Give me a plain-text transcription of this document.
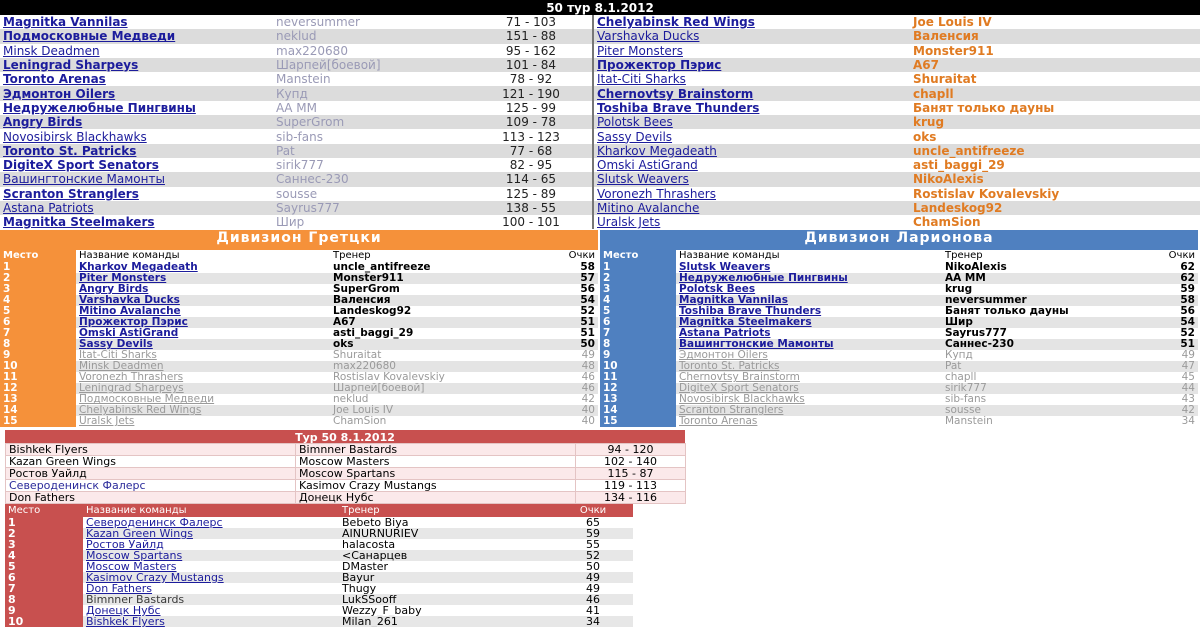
50 тур 8.1.2012				
Magnitka Vannilas	neversummer	71 - 103	Chelyabinsk Red Wings	Joe Louis IV
Подмосковные Медведи	neklud	151 - 88	Varshavka Ducks	Валенсия
Minsk Deadmen	max220680	95 - 162	Piter Monsters	Monster911
Leningrad Sharpeys	Шарпей[боевой]	101 - 84	Прожектор Пэрис	А67
Toronto Arenas	Manstein	78 - 92	Itat-Citi Sharks	Shuraitat
Эдмонтон Oilers	Купд	121 - 190	Chernovtsy Brainstorm	chapll
Недружелюбные Пингвины	АА ММ	125 - 99	Toshiba Brave Thunders	Банят только дауны
Angry Birds	SuperGrom	109 - 78	Polotsk Bees	krug
Novosibirsk Blackhawks	sib-fans	113 - 123	Sassy Devils	oks
Toronto St. Patricks	Pat	77 - 68	Kharkov Megadeath	uncle_antifreeze
DigiteX Sport Senators	sirik777	82 - 95	Omski AstiGrand	asti_baggi_29
Вашингтонские Мамонты	Саннес-230	114 - 65	Slutsk Weavers	NikoAlexis
Scranton Stranglers	sousse	125 - 89	Voronezh Thrashers	Rostislav Kovalevskiy
Astana Patriots	Sayrus777	138 - 55	Mitino Avalanche	Landeskog92
Magnitka Steelmakers	Шир	100 - 101	Uralsk Jets	ChamSion
Дивизион Гретцки
Место	Название команды	Тренер	Очки
1	Kharkov Megadeath	uncle_antifreeze	58
2	Piter Monsters	Monster911	57
3	Angry Birds	SuperGrom	56
4	Varshavka Ducks	Валенсия	54
5	Mitino Avalanche	Landeskog92	52
6	Прожектор Пэрис	А67	51
7	Omski AstiGrand	asti_baggi_29	51
8	Sassy Devils	oks	50
9	Itat-Citi Sharks	Shuraitat	49
10	Minsk Deadmen	max220680	48
11	Voronezh Thrashers	Rostislav Kovalevskiy	46
12	Leningrad Sharpeys	Шарпей[боевой]	46
13	Подмосковные Медведи	neklud	42
14	Chelyabinsk Red Wings	Joe Louis IV	40
15	Uralsk Jets	ChamSion	40
Дивизион Ларионова
Место	Название команды	Тренер	Очки
1	Slutsk Weavers	NikoAlexis	62
2	Недружелюбные Пингвины	АА ММ	62
3	Polotsk Bees	krug	59
4	Magnitka Vannilas	neversummer	58
5	Toshiba Brave Thunders	Банят только дауны	56
6	Magnitka Steelmakers	Шир	54
7	Astana Patriots	Sayrus777	52
8	Вашингтонские Мамонты	Саннес-230	51
9	Эдмонтон Oilers	Купд	49
10	Toronto St. Patricks	Pat	47
11	Chernovtsy Brainstorm	chapll	45
12	DigiteX Sport Senators	sirik777	44
13	Novosibirsk Blackhawks	sib-fans	43
14	Scranton Stranglers	sousse	42
15	Toronto Arenas	Manstein	34
Тур 50 8.1.2012
Bishkek Flyers	Bimnner Bastards	94 - 120
Kazan Green Wings	Moscow Masters	102 - 140
Ростов Уайлд	Moscow Spartans	115 - 87
Североденинск Фалерс	Kasimov Crazy Mustangs	119 - 113
Don Fathers	Донецк Нубс	134 - 116
Место	Название команды	Тренер	Очки
1	Североденинск Фалерс	Bebeto Biya	65
2	Kazan Green Wings	AINURNURIEV	59
3	Ростов Уайлд	halacosta	55
4	Moscow Spartans	<Санарцев	52
5	Moscow Masters	DMaster	50
6	Kasimov Crazy Mustangs	Bayur	49
7	Don Fathers	Thugy	49
8	Bimnner Bastards	LukSSooff	46
9	Донецк Нубс	Wezzy_F_baby	41
10	Bishkek Flyers	Milan_261	34
